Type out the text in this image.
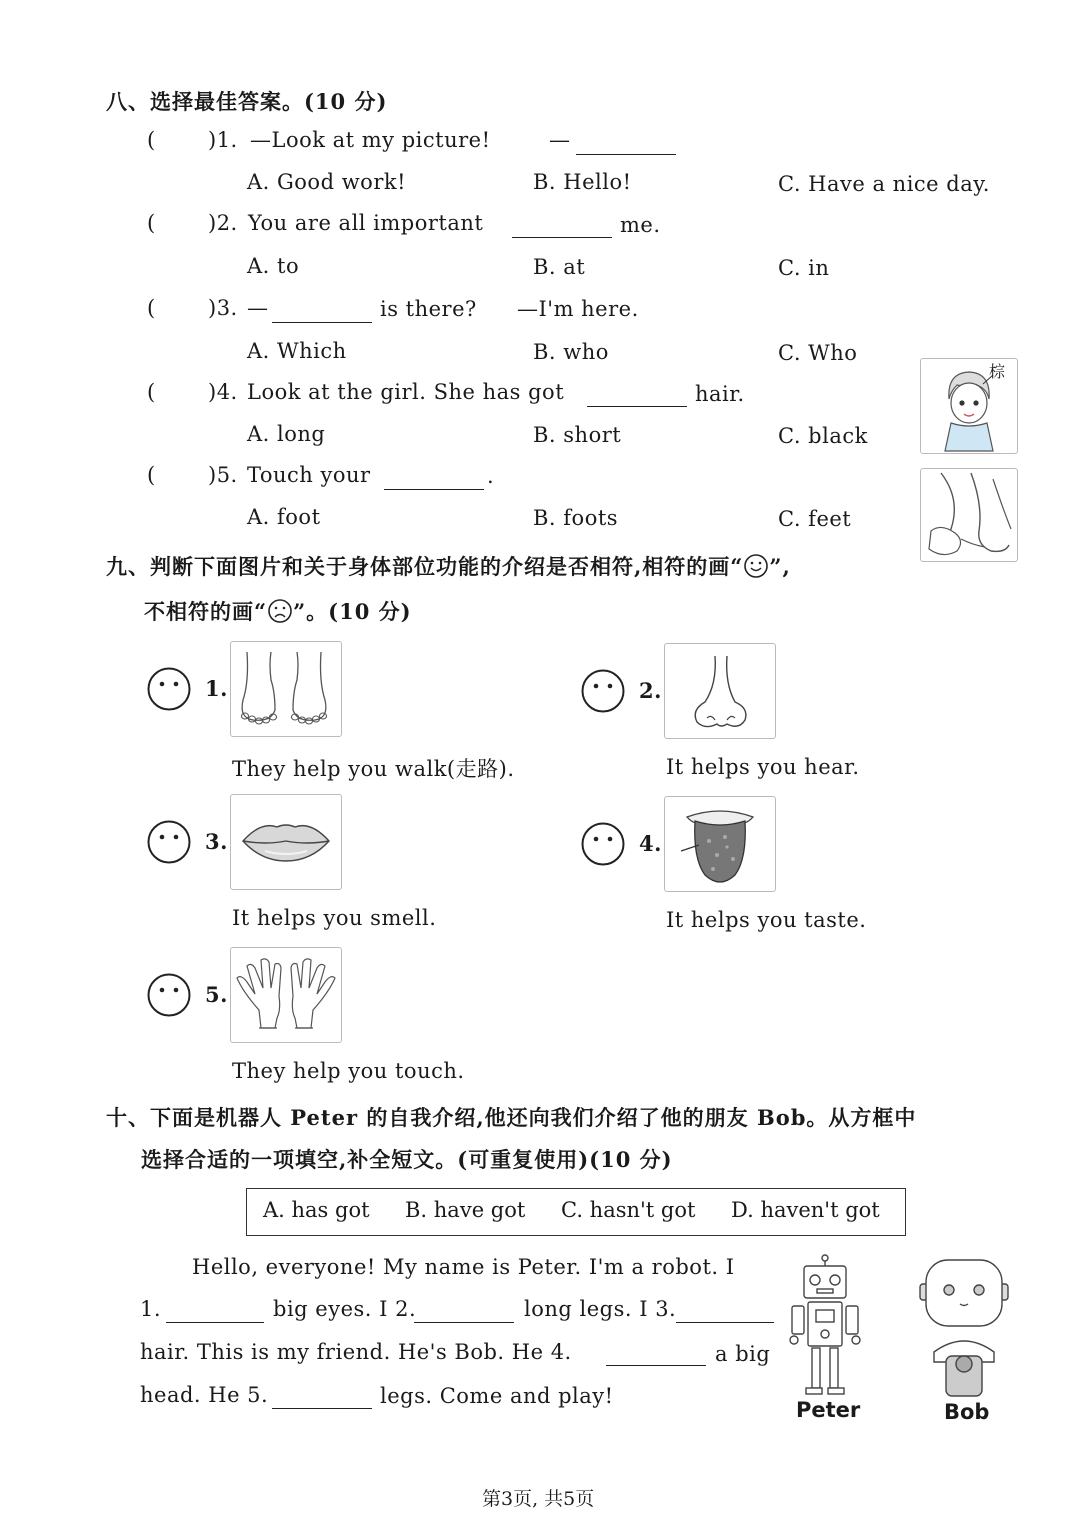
八、选择最佳答案。(10 分)
( )1. —Look at my picture!	—
A. Good work!	B. Hello!	C. Have a nice day.
( )2. You are all important	me.
A. to	B. at	C. in
( )3. —	is there? —I'm here.
A. Which	B. who	C. Who
( )4. Look at the girl. She has got	hair.
A. long	B. short	C. black
( )5. Touch your	.
A. foot	B. foots	C. feet
棕
九、判断下面图片和关于身体部位功能的介绍是否相符,相符的画“ ”,
不相符的画“ ”。(10 分)
1.
They help you walk(走路).
2.
It helps you hear.
3.
It helps you smell.
4.
It helps you taste.
5.
They help you touch.
十、下面是机器人 Peter 的自我介绍,他还向我们介绍了他的朋友 Bob。从方框中
选择合适的一项填空,补全短文。(可重复使用)(10 分)
A. has got B. have got C. hasn't got D. haven't got
Hello, everyone! My name is Peter. I'm a robot. I
1.	big eyes. I 2.	long legs. I 3.
hair. This is my friend. He's Bob. He 4.	a big
head. He 5.	legs. Come and play!
Peter	Bob
第3页, 共5页
